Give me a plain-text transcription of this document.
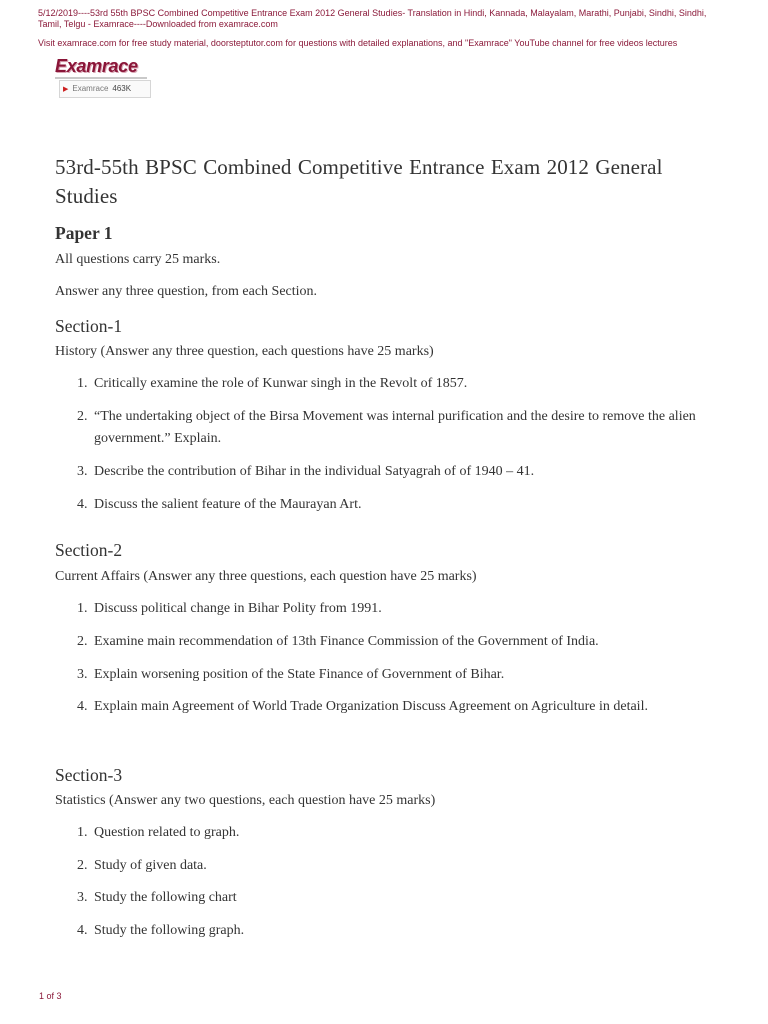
5/12/2019----53rd 55th BPSC Combined Competitive Entrance Exam 2012 General Studies- Translation in Hindi, Kannada, Malayalam, Marathi, Punjabi, Sindhi, Sindhi, Tamil, Telgu - Examrace----Downloaded from examrace.com
Visit examrace.com for free study material, doorsteptutor.com for questions with detailed explanations, and "Examrace" YouTube channel for free videos lectures
Examrace
▶ Examrace 463K
53rd-55th BPSC Combined Competitive Entrance Exam 2012 General Studies
Paper 1
All questions carry 25 marks.
Answer any three question, from each Section.
Section-1
History (Answer any three question, each questions have 25 marks)
1. Critically examine the role of Kunwar singh in the Revolt of 1857.
2. “The undertaking object of the Birsa Movement was internal purification and the desire to remove the alien government.” Explain.
3. Describe the contribution of Bihar in the individual Satyagrah of of 1940 – 41.
4. Discuss the salient feature of the Maurayan Art.
Section-2
Current Affairs (Answer any three questions, each question have 25 marks)
1. Discuss political change in Bihar Polity from 1991.
2. Examine main recommendation of 13th Finance Commission of the Government of India.
3. Explain worsening position of the State Finance of Government of Bihar.
4. Explain main Agreement of World Trade Organization Discuss Agreement on Agriculture in detail.
Section-3
Statistics (Answer any two questions, each question have 25 marks)
1. Question related to graph.
2. Study of given data.
3. Study the following chart
4. Study the following graph.
1 of 3
